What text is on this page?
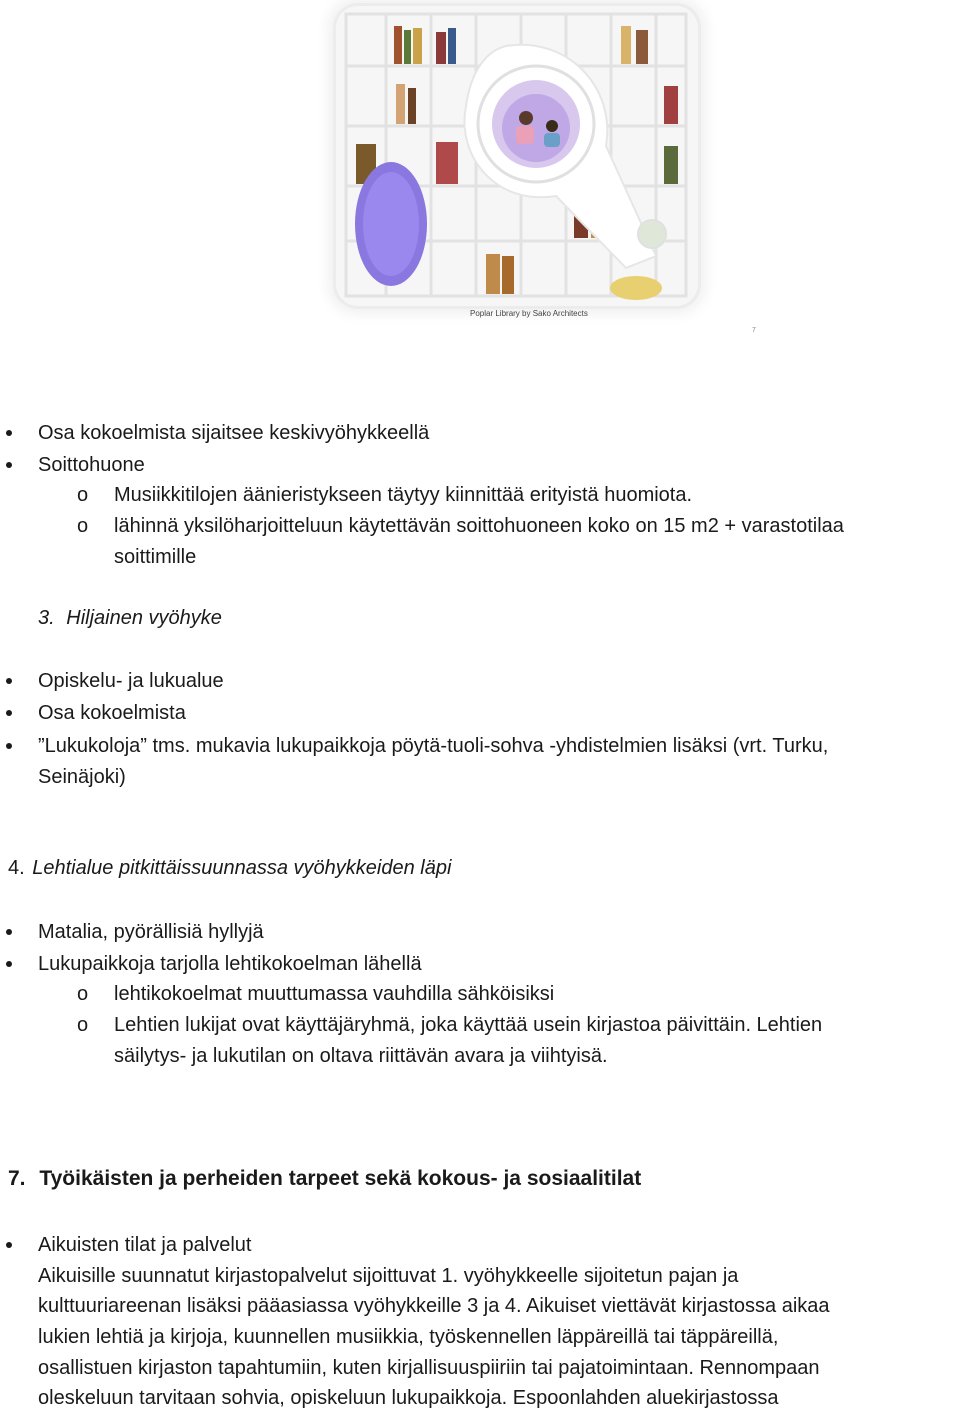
Poplar Library by Sako Architects
7
Osa kokoelmista sijaitsee keskivyöhykkeellä
Soittohuone
o Musiikkitilojen äänieristykseen täytyy kiinnittää erityistä huomiota.
o lähinnä yksilöharjoitteluun käytettävän soittohuoneen koko on 15 m2 + varastotilaa
soittimille
3. Hiljainen vyöhyke
Opiskelu- ja lukualue
Osa kokoelmista
”Lukukoloja” tms. mukavia lukupaikkoja pöytä-tuoli-sohva -yhdistelmien lisäksi (vrt. Turku,
Seinäjoki)
4. Lehtialue pitkittäissuunnassa vyöhykkeiden läpi
Matalia, pyörällisiä hyllyjä
Lukupaikkoja tarjolla lehtikokoelman lähellä
o lehtikokoelmat muuttumassa vauhdilla sähköisiksi
o Lehtien lukijat ovat käyttäjäryhmä, joka käyttää usein kirjastoa päivittäin. Lehtien
säilytys- ja lukutilan on oltava riittävän avara ja viihtyisä.
7. Työikäisten ja perheiden tarpeet sekä kokous- ja sosiaalitilat
Aikuisten tilat ja palvelut
Aikuisille suunnatut kirjastopalvelut sijoittuvat 1. vyöhykkeelle sijoitetun pajan ja
kulttuuriareenan lisäksi pääasiassa vyöhykkeille 3 ja 4. Aikuiset viettävät kirjastossa aikaa
lukien lehtiä ja kirjoja, kuunnellen musiikkia, työskennellen läppäreillä tai täppäreillä,
osallistuen kirjaston tapahtumiin, kuten kirjallisuuspiiriin tai pajatoimintaan. Rennompaan
oleskeluun tarvitaan sohvia, opiskeluun lukupaikkoja. Espoonlahden aluekirjastossa
